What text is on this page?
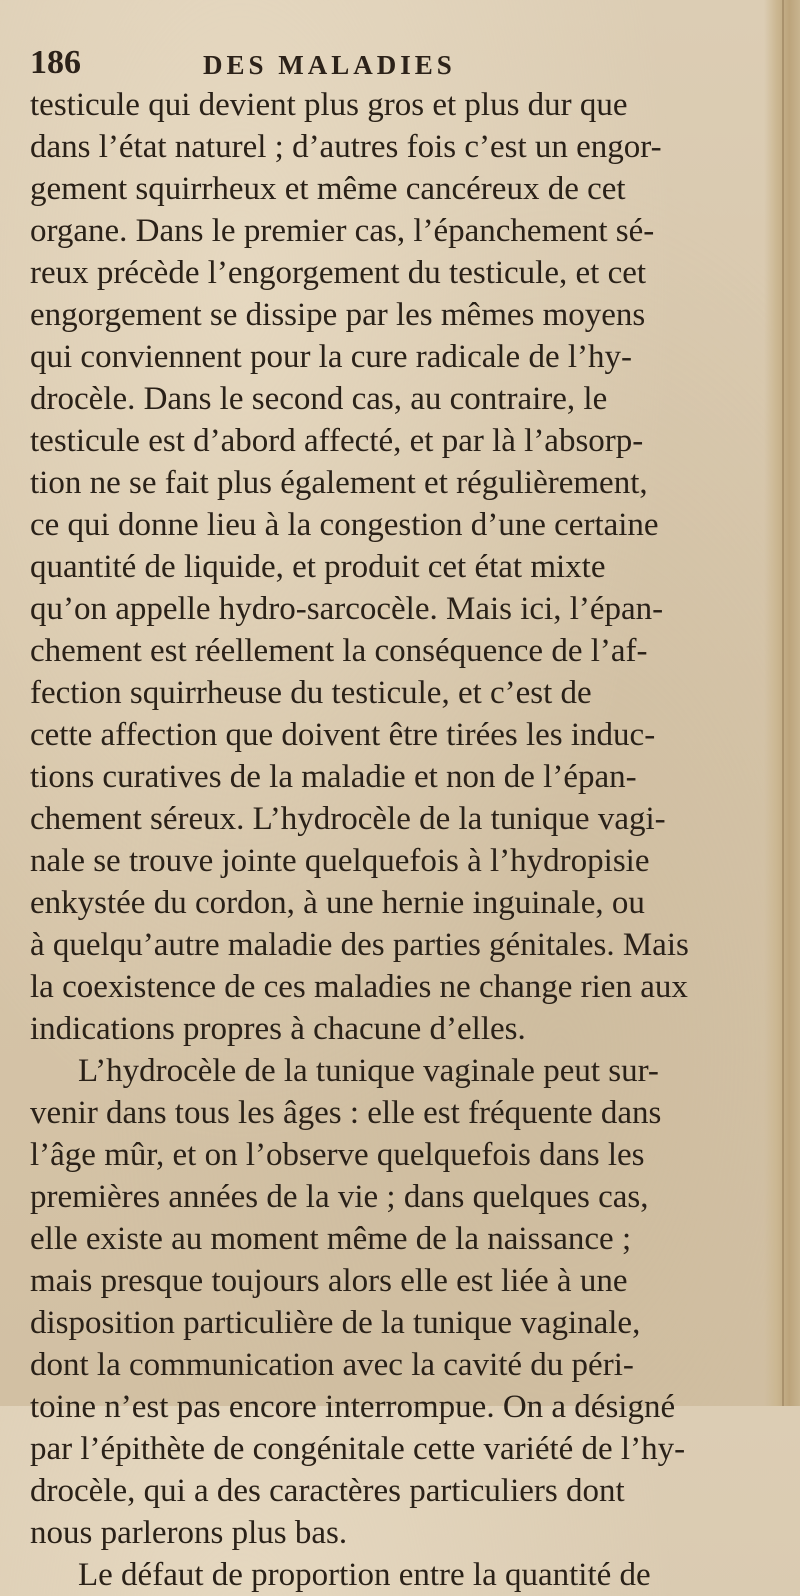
186	DES MALADIES
testicule qui devient plus gros et plus dur que
dans l’état naturel ; d’autres fois c’est un engor-
gement squirrheux et même cancéreux de cet
organe. Dans le premier cas, l’épanchement sé-
reux précède l’engorgement du testicule, et cet
engorgement se dissipe par les mêmes moyens
qui conviennent pour la cure radicale de l’hy-
drocèle. Dans le second cas, au contraire, le
testicule est d’abord affecté, et par là l’absorp-
tion ne se fait plus également et régulièrement,
ce qui donne lieu à la congestion d’une certaine
quantité de liquide, et produit cet état mixte
qu’on appelle hydro-sarcocèle. Mais ici, l’épan-
chement est réellement la conséquence de l’af-
fection squirrheuse du testicule, et c’est de
cette affection que doivent être tirées les induc-
tions curatives de la maladie et non de l’épan-
chement séreux. L’hydrocèle de la tunique vagi-
nale se trouve jointe quelquefois à l’hydropisie
enkystée du cordon, à une hernie inguinale, ou
à quelqu’autre maladie des parties génitales. Mais
la coexistence de ces maladies ne change rien aux
indications propres à chacune d’elles.
L’hydrocèle de la tunique vaginale peut sur-
venir dans tous les âges : elle est fréquente dans
l’âge mûr, et on l’observe quelquefois dans les
premières années de la vie ; dans quelques cas,
elle existe au moment même de la naissance ;
mais presque toujours alors elle est liée à une
disposition particulière de la tunique vaginale,
dont la communication avec la cavité du péri-
toine n’est pas encore interrompue. On a désigné
par l’épithète de congénitale cette variété de l’hy-
drocèle, qui a des caractères particuliers dont
nous parlerons plus bas.
Le défaut de proportion entre la quantité de
